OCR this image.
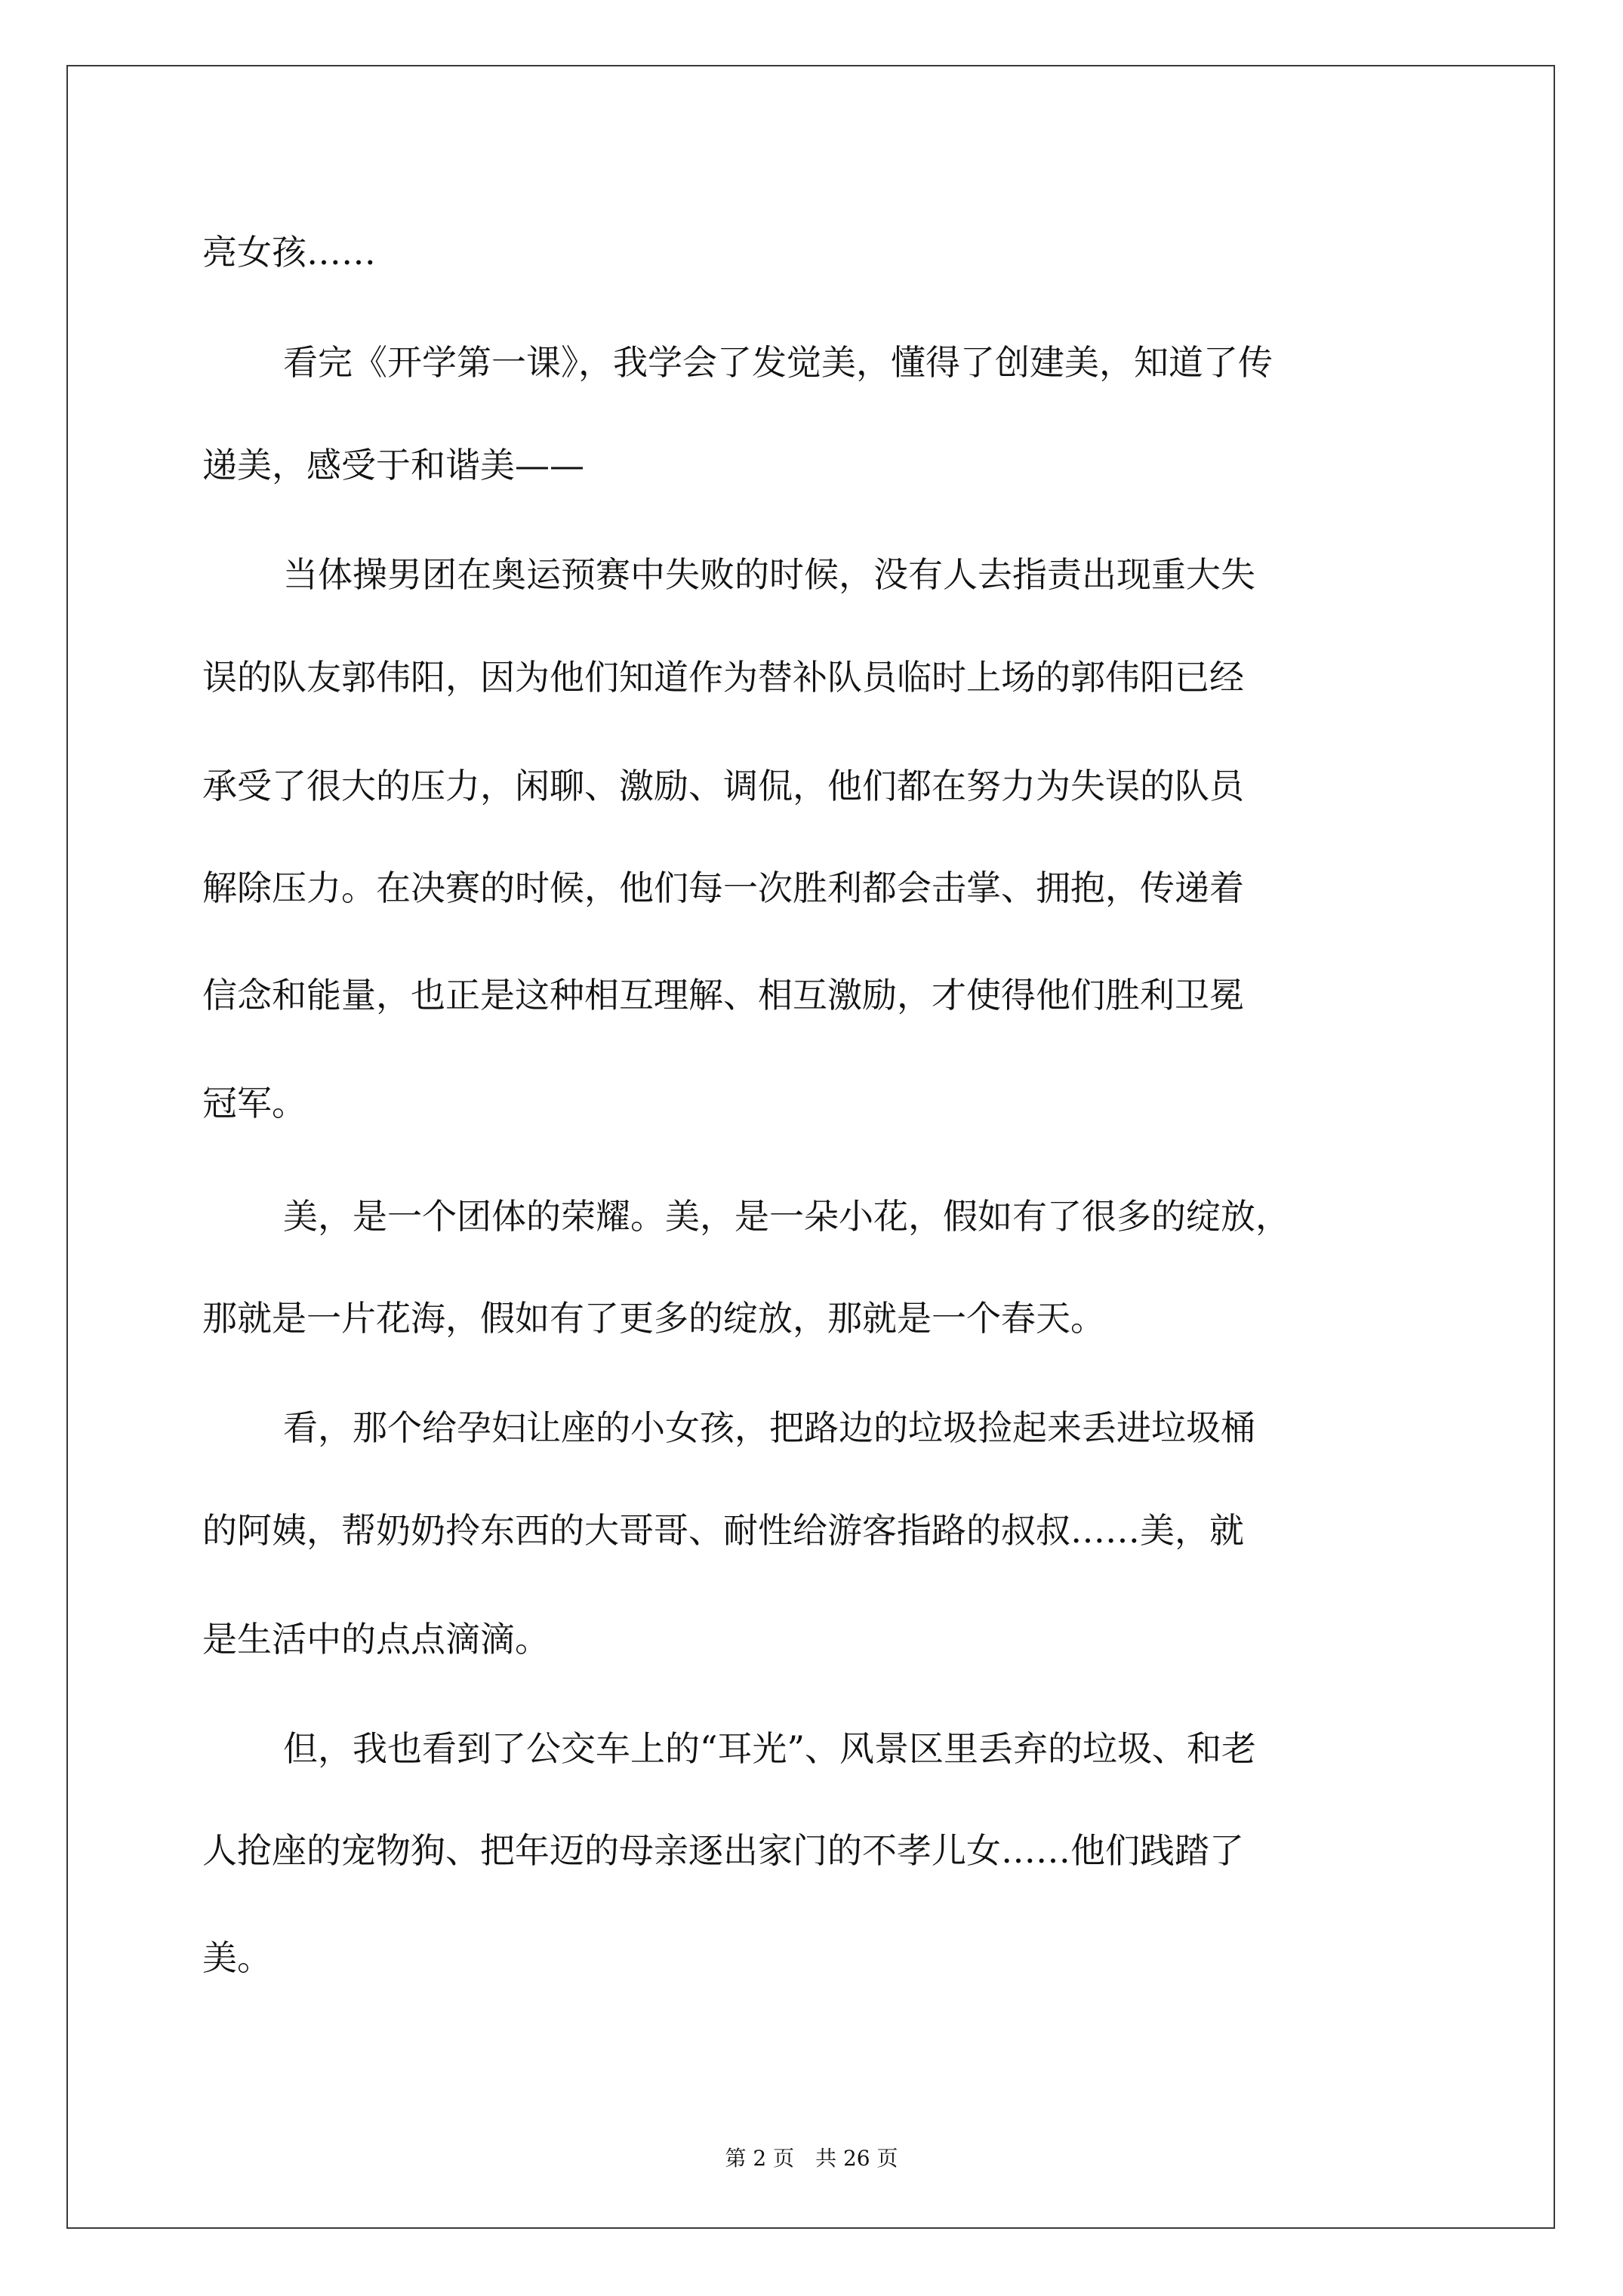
亮女孩……
看完《开学第一课》，我学会了发觉美，懂得了创建美，知道了传
递美，感受于和谐美——
当体操男团在奥运预赛中失败的时候，没有人去指责出现重大失
误的队友郭伟阳，因为他们知道作为替补队员临时上场的郭伟阳已经
承受了很大的压力，闲聊、激励、调侃，他们都在努力为失误的队员
解除压力。在决赛的时候，他们每一次胜利都会击掌、拥抱，传递着
信念和能量，也正是这种相互理解、相互激励，才使得他们胜利卫冕
冠军。
美，是一个团体的荣耀。美，是一朵小花，假如有了很多的绽放，
那就是一片花海，假如有了更多的绽放，那就是一个春天。
看，那个给孕妇让座的小女孩，把路边的垃圾捡起来丢进垃圾桶
的阿姨，帮奶奶拎东西的大哥哥、耐性给游客指路的叔叔……美，就
是生活中的点点滴滴。
但，我也看到了公交车上的“耳光”、风景区里丢弃的垃圾、和老
人抢座的宠物狗、把年迈的母亲逐出家门的不孝儿女……他们践踏了
美。
第 2 页　共 26 页
